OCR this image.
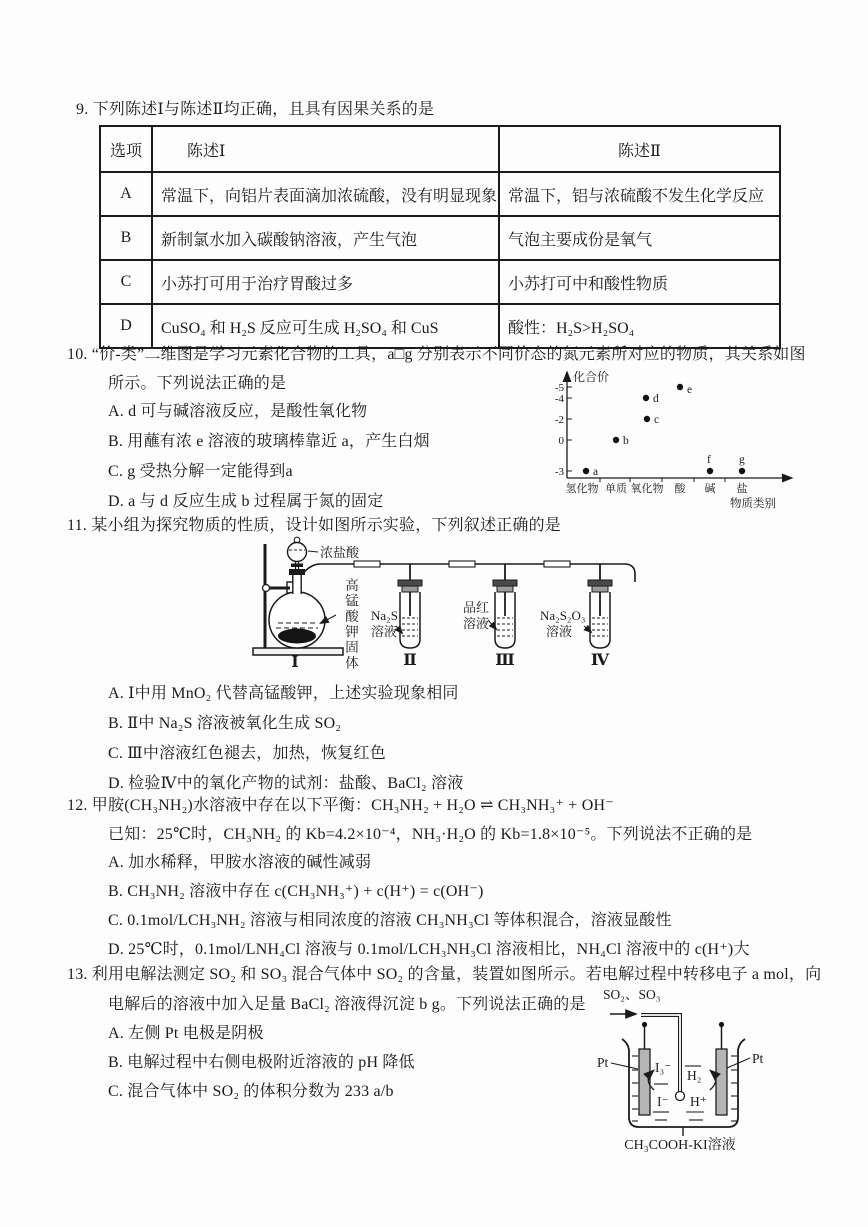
9. 下列陈述Ⅰ与陈述Ⅱ均正确，且具有因果关系的是
选项	陈述Ⅰ	陈述Ⅱ
A	常温下，向铝片表面滴加浓硫酸，没有明显现象	常温下，铝与浓硫酸不发生化学反应
B	新制氯水加入碳酸钠溶液，产生气泡	气泡主要成份是氧气
C	小苏打可用于治疗胃酸过多	小苏打可中和酸性物质
D	CuSO₄ 和 H₂S 反应可生成 H₂SO₄ 和 CuS	酸性：H₂S>H₂SO₄
10. “价-类”二维图是学习元素化合物的工具，a□g 分别表示不同价态的氮元素所对应的物质，其关系如图
所示。下列说法正确的是
A. d 可与碱溶液反应，是酸性氧化物
B. 用蘸有浓 e 溶液的玻璃棒靠近 a，产生白烟
C. g 受热分解一定能得到a
D. a 与 d 反应生成 b 过程属于氮的固定
化合价
-5
-4
-2
0
-3
氢化物 单质 氧化物 酸 碱 盐
a
b
c
d
e
f g
物质类别
11. 某小组为探究物质的性质，设计如图所示实验，下列叙述正确的是
浓盐酸
Na₂S
溶液
品红
溶液
Na₂S₂O₃
溶液
Ⅰ	Ⅱ	Ⅲ	Ⅳ
高锰酸钾固体
A. Ⅰ中用 MnO₂ 代替高锰酸钾，上述实验现象相同
B. Ⅱ中 Na₂S 溶液被氧化生成 SO₂
C. Ⅲ中溶液红色褪去，加热，恢复红色
D. 检验Ⅳ中的氧化产物的试剂：盐酸、BaCl₂ 溶液
12. 甲胺(CH₃NH₂)水溶液中存在以下平衡：CH₃NH₂ + H₂O ⇌ CH₃NH₃⁺ + OH⁻
已知：25℃时，CH₃NH₂ 的 Kb=4.2×10⁻⁴，NH₃·H₂O 的 Kb=1.8×10⁻⁵。下列说法不正确的是
A. 加水稀释，甲胺水溶液的碱性减弱
B. CH₃NH₂ 溶液中存在 c(CH₃NH₃⁺) + c(H⁺) = c(OH⁻)
C. 0.1mol/LCH₃NH₂ 溶液与相同浓度的溶液 CH₃NH₃Cl 等体积混合，溶液显酸性
D. 25℃时，0.1mol/LNH₄Cl 溶液与 0.1mol/LCH₃NH₃Cl 溶液相比，NH₄Cl 溶液中的 c(H⁺)大
13. 利用电解法测定 SO₂ 和 SO₃ 混合气体中 SO₂ 的含量，装置如图所示。若电解过程中转移电子 a mol，向
电解后的溶液中加入足量 BaCl₂ 溶液得沉淀 b g。下列说法正确的是
A. 左侧 Pt 电极是阴极
B. 电解过程中右侧电极附近溶液的 pH 降低
C. 混合气体中 SO₂ 的体积分数为 233 a/b
SO₂、SO₃
Pt	Pt
I₃⁻
H₂
I⁻ H⁺
CH₃COOH-KI溶液
